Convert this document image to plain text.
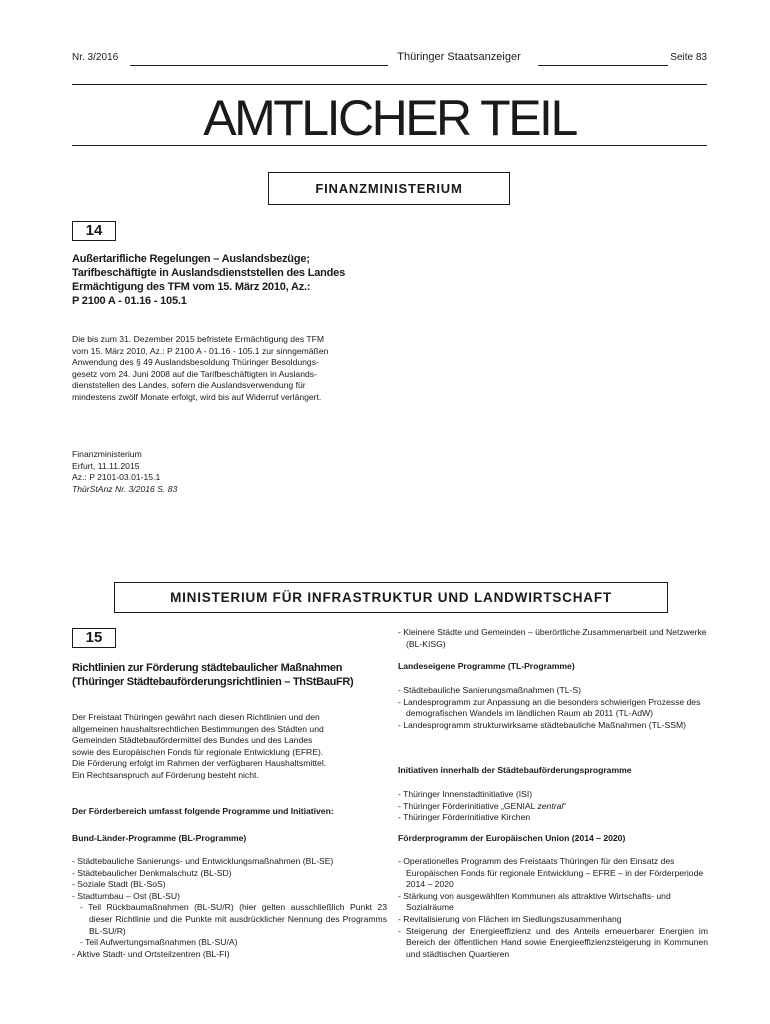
Nr. 3/2016	Thüringer Staatsanzeiger	Seite 83
AMTLICHER TEIL
FINANZMINISTERIUM
14

Außertarifliche Regelungen – Auslandsbezüge;

Tarifbeschäftigte in Auslandsdienststellen des Landes

Ermächtigung des TFM vom 15. März 2010, Az.:

P 2100 A - 01.16 - 105.1

Die bis zum 31. Dezember 2015 befristete Ermächtigung des TFM

vom 15. März 2010, Az.: P 2100 A - 01.16 - 105.1 zur sinngemäßen

Anwendung des § 49 Auslandsbesoldung Thüringer Besoldungs-

gesetz vom 24. Juni 2008 auf die Tarifbeschäftigten in Auslands-

dienststellen des Landes, sofern die Auslandsverwendung für

mindestens zwölf Monate erfolgt, wird bis auf Widerruf verlängert.

Finanzministerium

Erfurt, 11.11.2015

Az.: P 2101-03.01-15.1

ThürStAnz Nr. 3/2016 S. 83

MINISTERIUM FÜR INFRASTRUKTUR UND LANDWIRTSCHAFT
15

Richtlinien zur Förderung städtebaulicher Maßnahmen

(Thüringer Städtebauförderungsrichtlinien – ThStBauFR)

Der Freistaat Thüringen gewährt nach diesen Richtlinien und den

allgemeinen haushaltsrechtlichen Bestimmungen des Städten und

Gemeinden Städtebaufördermittel des Bundes und des Landes

sowie des Europäischen Fonds für regionale Entwicklung (EFRE).

Die Förderung erfolgt im Rahmen der verfügbaren Haushaltsmittel.

Ein Rechtsanspruch auf Förderung besteht nicht.

Der Förderbereich umfasst folgende Programme und Initiativen:
Bund-Länder-Programme (BL-Programme)
- Städtebauliche Sanierungs- und Entwicklungsmaßnahmen (BL-SE)
- Städtebaulicher Denkmalschutz (BL-SD)
- Soziale Stadt (BL-SoS)
- Stadtumbau – Ost (BL-SU)
- Teil Rückbaumaßnahmen (BL-SU/R) (hier gelten ausschließlich Punkt 23 dieser Richtlinie und die Punkte mit ausdrücklicher Nennung des Programms BL-SU/R)
- Teil Aufwertungsmaßnahmen (BL-SU/A)
- Aktive Stadt- und Ortsteilzentren (BL-FI)
- Kleinere Städte und Gemeinden – überörtliche Zusammenarbeit und Netzwerke (BL-KISG)
Landeseigene Programme (TL-Programme)
- Städtebauliche Sanierungsmaßnahmen (TL-S)
- Landesprogramm zur Anpassung an die besonders schwierigen Prozesse des demografischen Wandels im ländlichen Raum ab 2011 (TL-AdW)
- Landesprogramm strukturwirksame städtebauliche Maßnahmen (TL-SSM)
Initiativen innerhalb der Städtebauförderungsprogramme
- Thüringer Innenstadtinitiative (ISI)
- Thüringer Förderinitiative „GENIAL zentral“
- Thüringer Förderinitiative Kirchen
Förderprogramm der Europäischen Union (2014 – 2020)
- Operationelles Programm des Freistaats Thüringen für den Einsatz des Europäischen Fonds für regionale Entwicklung – EFRE – in der Förderperiode 2014 – 2020
- Stärkung von ausgewählten Kommunen als attraktive Wirtschafts- und Sozialräume
- Revitalisierung von Flächen im Siedlungszusammenhang
- Steigerung der Energieeffizienz und des Anteils erneuerbarer Energien im Bereich der öffentlichen Hand sowie Energieeffizienzsteigerung in Kommunen und städtischen Quartieren
